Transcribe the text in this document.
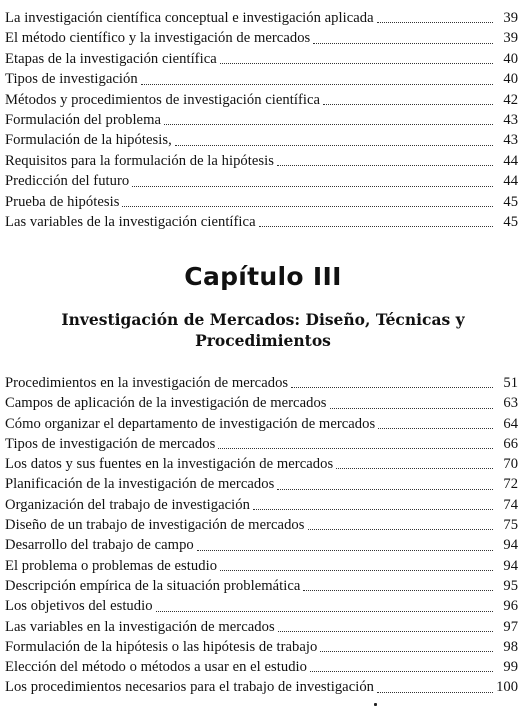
La investigación científica conceptual e investigación aplicada	39
El método científico y la investigación de mercados	39
Etapas de la investigación científica	40
Tipos de investigación	40
Métodos y procedimientos de investigación científica	42
Formulación del problema	43
Formulación de la hipótesis,	43
Requisitos para la formulación de la hipótesis	44
Predicción del futuro	44
Prueba de hipótesis	45
Las variables de la investigación científica	45
Capítulo III
Investigación de Mercados: Diseño, Técnicas y
Procedimientos
Procedimientos en la investigación de mercados	51
Campos de aplicación de la investigación de mercados	63
Cómo organizar el departamento de investigación de mercados	64
Tipos de investigación de mercados	66
Los datos y sus fuentes en la investigación de mercados	70
Planificación de la investigación de mercados	72
Organización del trabajo de investigación	74
Diseño de un trabajo de investigación de mercados	75
Desarrollo del trabajo de campo	94
El problema o problemas de estudio	94
Descripción empírica de la situación problemática	95
Los objetivos del estudio	96
Las variables en la investigación de mercados	97
Formulación de la hipótesis o las hipótesis de trabajo	98
Elección del método o métodos a usar en el estudio	99
Los procedimientos necesarios para el trabajo de investigación	100
